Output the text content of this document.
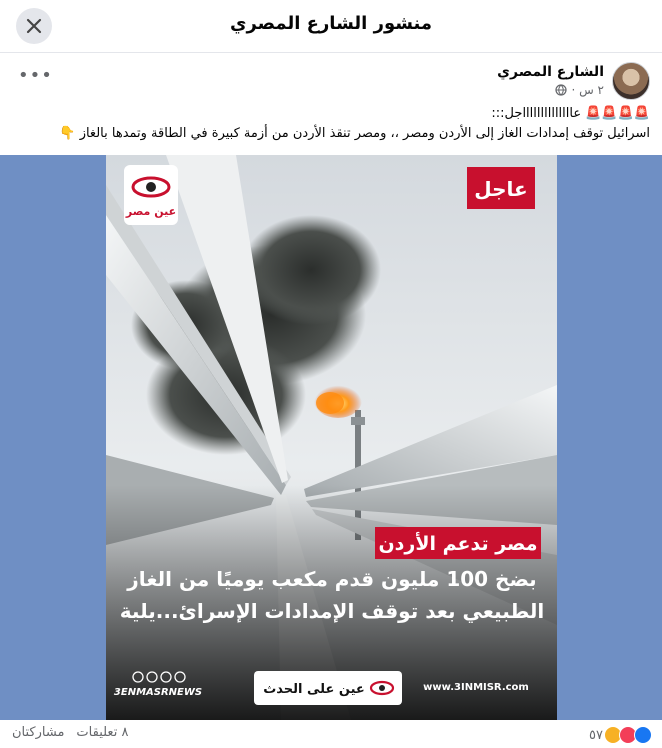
منشور الشارع المصري
الشارع المصري
٢ س ·
•••

🚨🚨🚨🚨 عااااااااااااااجل:::

اسرائيل توقف إمدادات الغاز إلى الأردن ومصر ،، ومصر تنقذ الأردن من أزمة كبيرة في الطاقة وتمدها بالغاز 👇

عاجل
عين مصر
مصر تدعم الأردن
بضخ 100 مليون قدم مكعب يوميًا من الغاز
الطبيعي بعد توقف الإمدادات الإسرائ...يلية
3ENMASRNEWS	عين على الحدث	www.3INMISR.com
٥٧
٨ تعليقات
مشاركتان
